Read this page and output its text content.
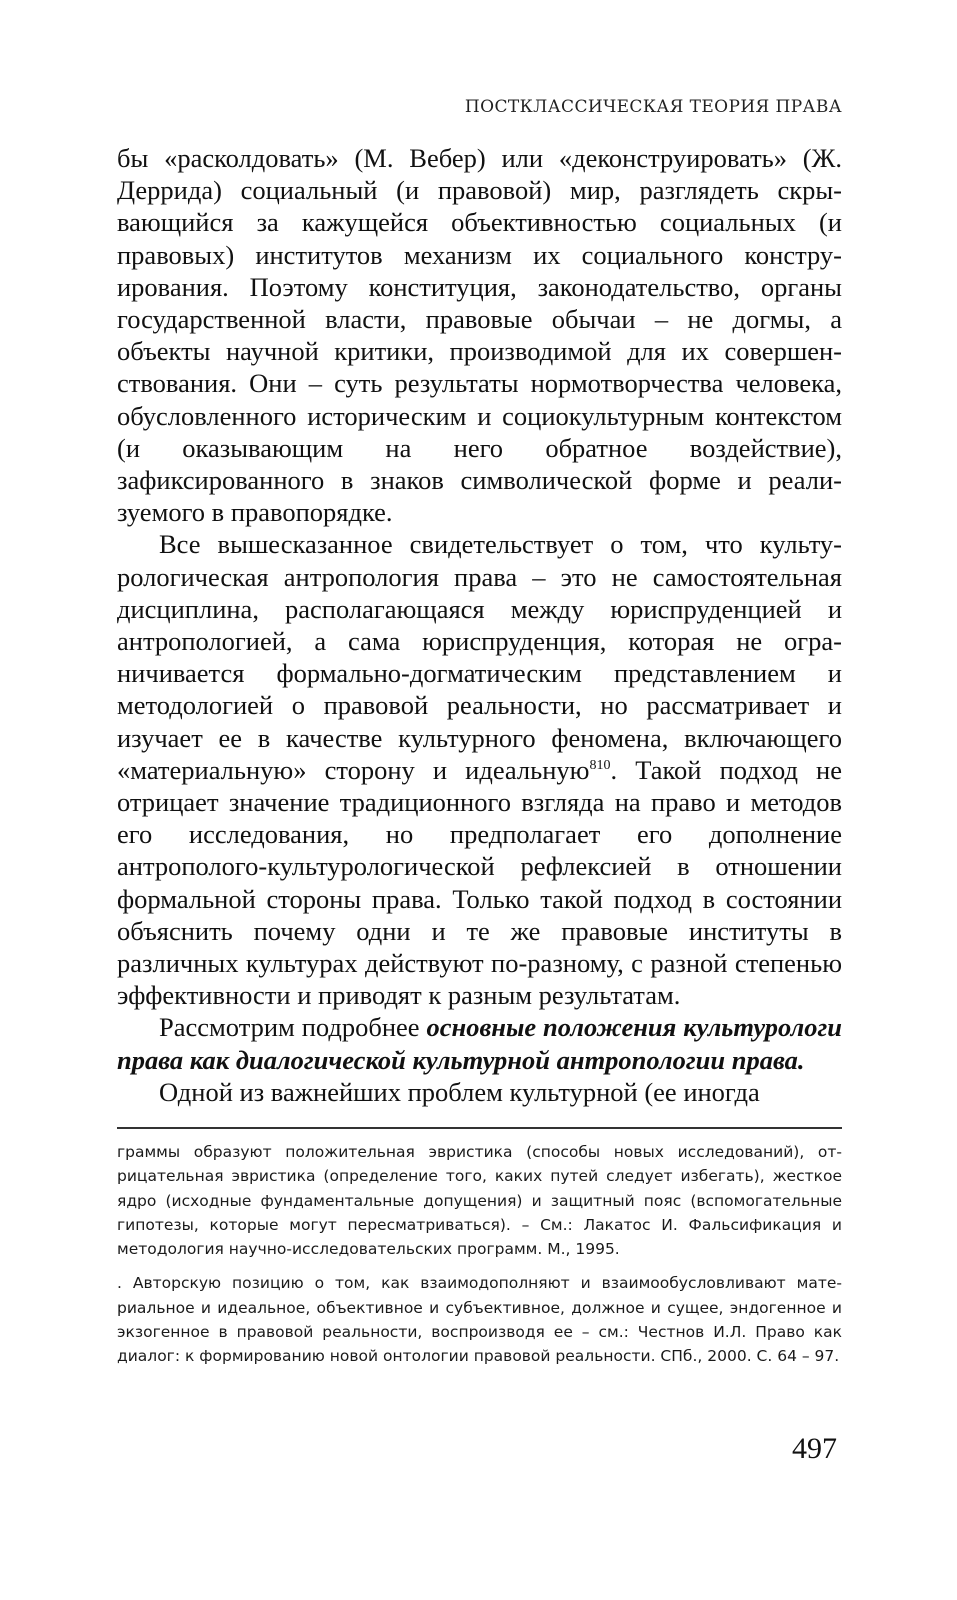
ПОСТКЛАССИЧЕСКАЯ ТЕОРИЯ ПРАВА

бы «расколдовать» (М. Вебер) или «деконструировать» (Ж. Деррида) социальный (и правовой) мир, разглядеть скрывающийся за кажущейся объективностью социальных (и правовых) институтов механизм их социального конструирования. Поэтому конституция, законодательство, органы государственной власти, правовые обычаи – не догмы, а объекты научной критики, производимой для их совершенствования. Они – суть результаты нормотворчества человека, обусловленного историческим и социокультурным контекстом (и оказывающим на него обратное воздействие), зафиксированного в знаков символической форме и реализуемого в правопорядке.

Все вышесказанное свидетельствует о том, что культурологическая антропология права – это не самостоятельная дисциплина, располагающаяся между юриспруденцией и антропологией, а сама юриспруденция, которая не ограничивается формально-догматическим представлением и методологией о правовой реальности, но рассматривает и изучает ее в качестве культурного феномена, включающего «материальную» сторону и идеальную$^{810}$. Такой подход не отрицает значение традиционного взгляда на право и методов его исследования, но предполагает его дополнение антрополого-культурологической рефлексией в отношении формальной стороны права. Только такой подход в состоянии объяснить почему одни и те же правовые институты в различных культурах действуют по-разному, с разной степенью эффективности и приводят к разным результатам.

Рассмотрим подробнее основные положения культурологи права как диалогической культурной антропологии права.

Одной из важнейших проблем культурной (ее иногда

граммы образуют положительная эвристика (способы новых исследований), отрицательная эвристика (определение того, каких путей следует избегать), жесткое ядро (исходные фундаментальные допущения) и защитный пояс (вспомогательные гипотезы, которые могут пересматриваться). – См.: Лакатос И. Фальсификация и методология научно-исследовательских программ. М., 1995.

. Авторскую позицию о том, как взаимодополняют и взаимообусловливают материальное и идеальное, объективное и субъективное, должное и сущее, эндогенное и экзогенное в правовой реальности, воспроизводя ее – см.: Честнов И.Л. Право как диалог: к формированию новой онтологии правовой реальности. СПб., 2000. С. 64 – 97.

497
